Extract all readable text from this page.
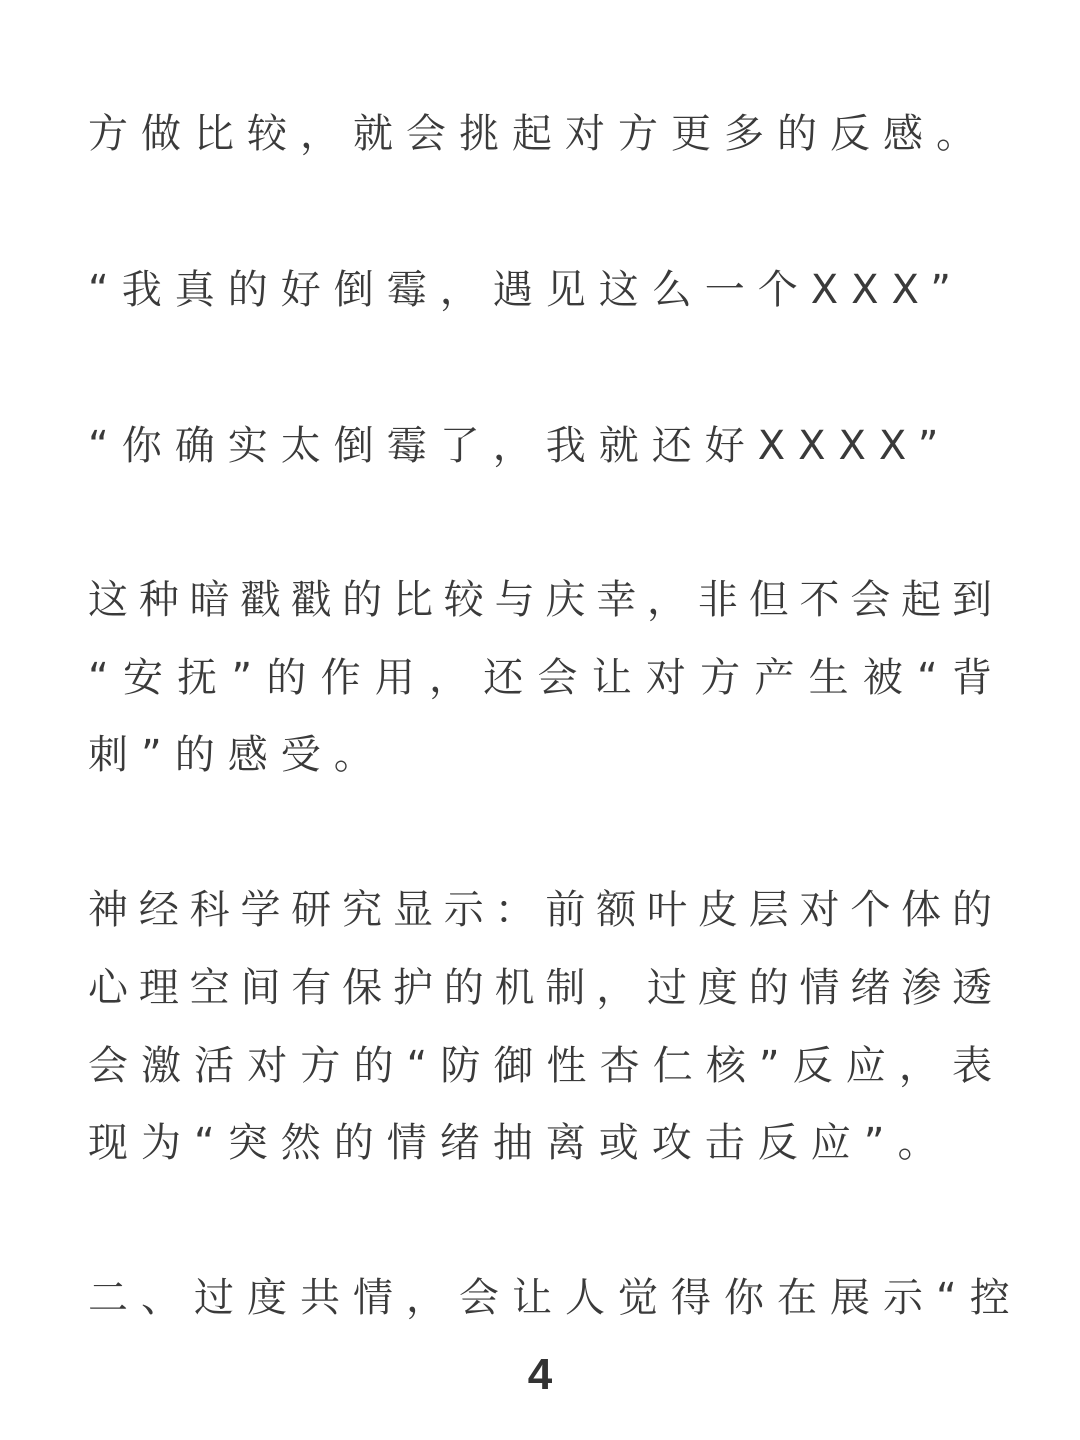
方做比较，就会挑起对方更多的反感。
“我真的好倒霉，遇见这么一个XXX”
“你确实太倒霉了，我就还好XXXX”
这种暗戳戳的比较与庆幸，非但不会起到
“安抚”的作用，还会让对方产生被“背
刺”的感受。
神经科学研究显示：前额叶皮层对个体的
心理空间有保护的机制，过度的情绪渗透
会激活对方的“防御性杏仁核”反应，表
现为“突然的情绪抽离或攻击反应”。
二、过度共情，会让人觉得你在展示“控
4
